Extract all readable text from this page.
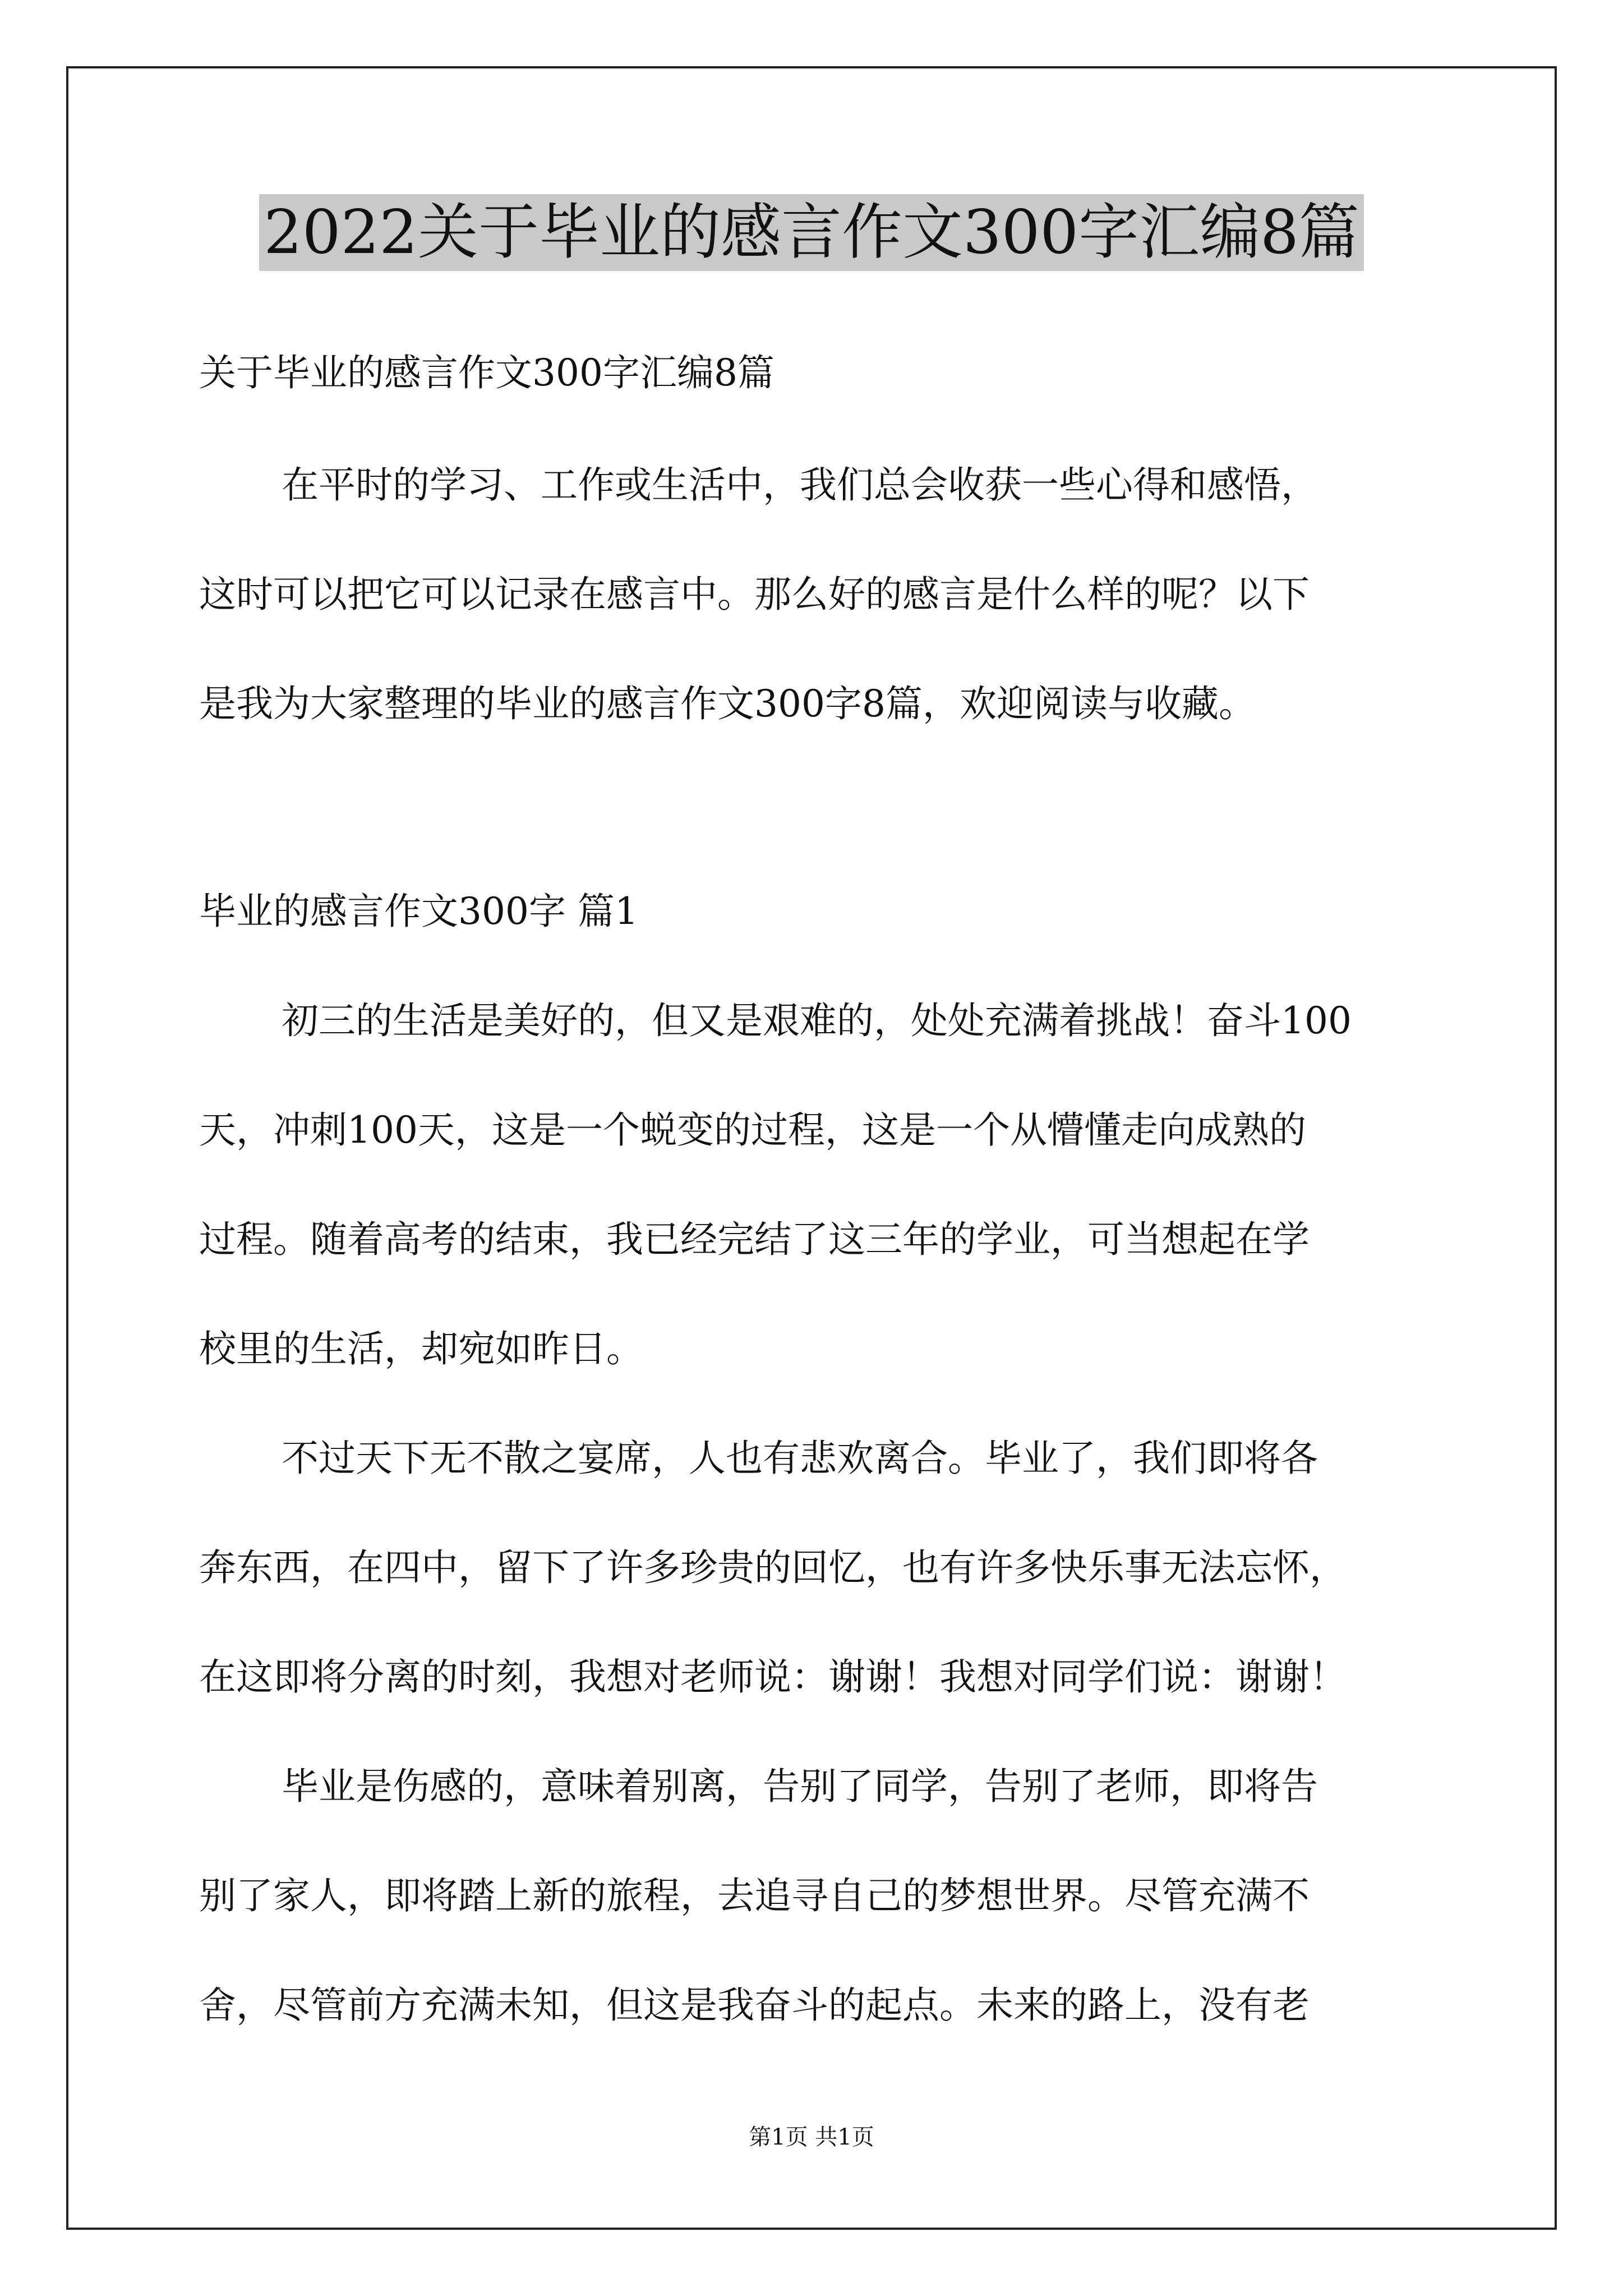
2022关于毕业的感言作文300字汇编8篇

关于毕业的感言作文300字汇编8篇

在平时的学习、工作或生活中，我们总会收获一些心得和感悟，

这时可以把它可以记录在感言中。那么好的感言是什么样的呢？以下

是我为大家整理的毕业的感言作文300字8篇，欢迎阅读与收藏。

毕业的感言作文300字 篇1

初三的生活是美好的，但又是艰难的，处处充满着挑战！奋斗100

天，冲刺100天，这是一个蜕变的过程，这是一个从懵懂走向成熟的

过程。随着高考的结束，我已经完结了这三年的学业，可当想起在学

校里的生活，却宛如昨日。

不过天下无不散之宴席，人也有悲欢离合。毕业了，我们即将各

奔东西，在四中，留下了许多珍贵的回忆，也有许多快乐事无法忘怀，

在这即将分离的时刻，我想对老师说：谢谢！我想对同学们说：谢谢！

毕业是伤感的，意味着别离，告别了同学，告别了老师，即将告

别了家人，即将踏上新的旅程，去追寻自己的梦想世界。尽管充满不

舍，尽管前方充满未知，但这是我奋斗的起点。未来的路上，没有老

第1页 共1页
